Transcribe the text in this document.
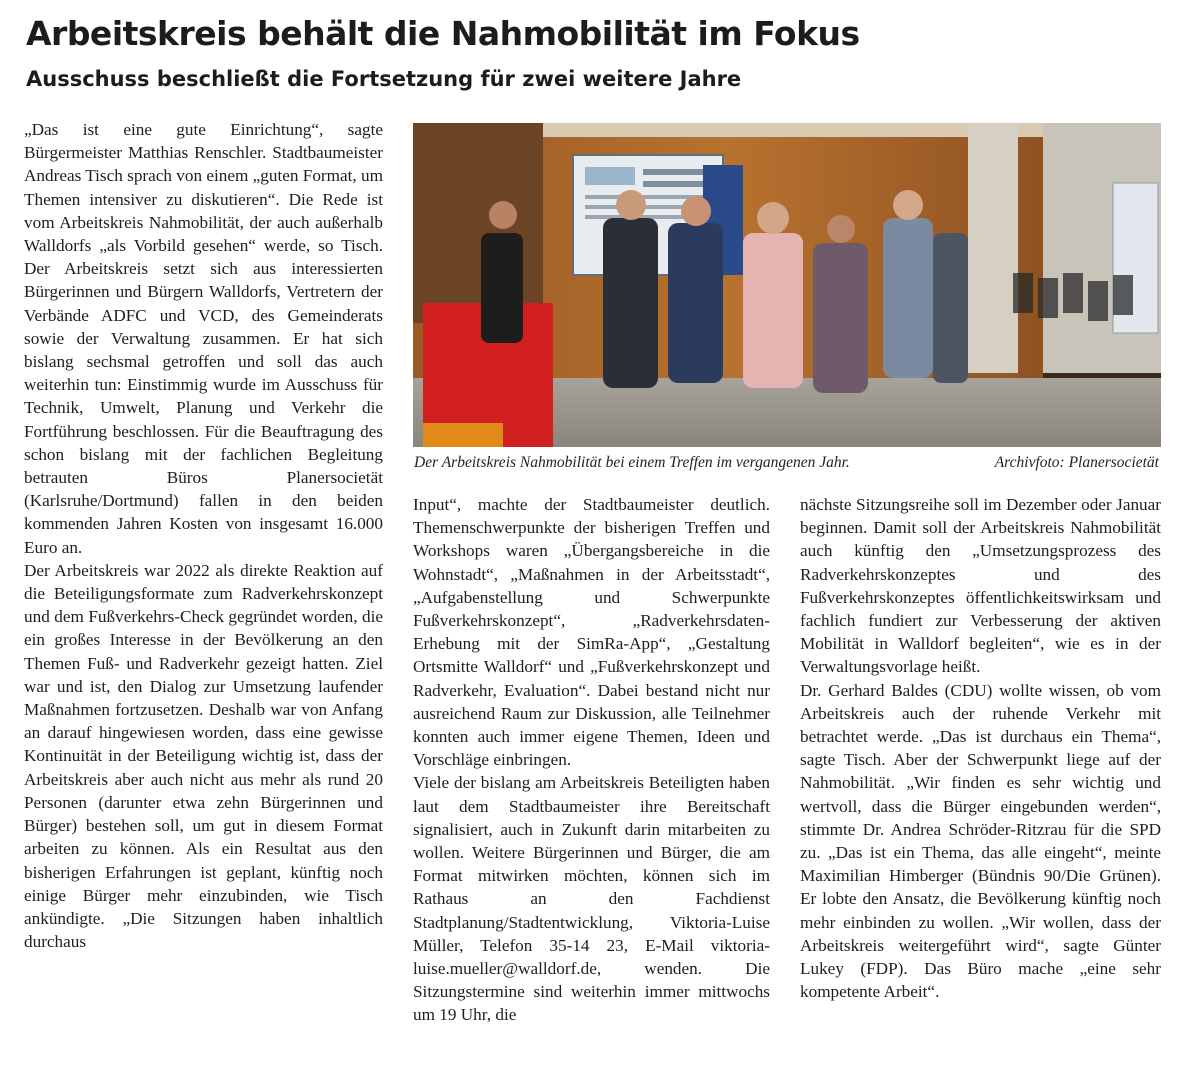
Arbeitskreis behält die Nahmobilität im Fokus
Ausschuss beschließt die Fortsetzung für zwei weitere Jahre

„Das ist eine gute Einrichtung“, sagte Bürgermeister Matthias Renschler. Stadtbaumeister Andreas Tisch sprach von einem „guten Format, um Themen intensiver zu diskutieren“. Die Rede ist vom Arbeitskreis Nahmobilität, der auch außerhalb Walldorfs „als Vorbild gesehen“ werde, so Tisch. Der Arbeitskreis setzt sich aus interessierten Bürgerinnen und Bürgern Walldorfs, Vertretern der Verbände ADFC und VCD, des Gemeinderats sowie der Verwaltung zusammen. Er hat sich bislang sechsmal getroffen und soll das auch weiterhin tun: Einstimmig wurde im Ausschuss für Technik, Umwelt, Planung und Verkehr die Fortführung beschlossen. Für die Beauftragung des schon bislang mit der fachlichen Begleitung betrauten Büros Planersocietät (Karlsruhe/Dortmund) fallen in den beiden kommenden Jahren Kosten von insgesamt 16.000 Euro an.

Der Arbeitskreis war 2022 als direkte Reaktion auf die Beteiligungsformate zum Radverkehrskonzept und dem Fußverkehrs-Check gegründet worden, die ein großes Interesse in der Bevölkerung an den Themen Fuß- und Radverkehr gezeigt hatten. Ziel war und ist, den Dialog zur Umsetzung laufender Maßnahmen fortzusetzen. Deshalb war von Anfang an darauf hingewiesen worden, dass eine gewisse Kontinuität in der Beteiligung wichtig ist, dass der Arbeitskreis aber auch nicht aus mehr als rund 20 Personen (darunter etwa zehn Bürgerinnen und Bürger) bestehen soll, um gut in diesem Format arbeiten zu können. Als ein Resultat aus den bisherigen Erfahrungen ist geplant, künftig noch einige Bürger mehr einzubinden, wie Tisch ankündigte. „Die Sitzungen haben inhaltlich durchaus

Der Arbeitskreis Nahmobilität bei einem Treffen im vergangenen Jahr.	Archivfoto: Planersocietät

Input“, machte der Stadtbaumeister deutlich. Themenschwerpunkte der bisherigen Treffen und Workshops waren „Übergangsbereiche in die Wohnstadt“, „Maßnahmen in der Arbeitsstadt“, „Aufgabenstellung und Schwerpunkte Fußverkehrskonzept“, „Radverkehrsdaten-Erhebung mit der SimRa-App“, „Gestaltung Ortsmitte Walldorf“ und „Fußverkehrskonzept und Radverkehr, Evaluation“. Dabei bestand nicht nur ausreichend Raum zur Diskussion, alle Teilnehmer konnten auch immer eigene Themen, Ideen und Vorschläge einbringen.

Viele der bislang am Arbeitskreis Beteiligten haben laut dem Stadtbaumeister ihre Bereitschaft signalisiert, auch in Zukunft darin mitarbeiten zu wollen. Weitere Bürgerinnen und Bürger, die am Format mitwirken möchten, können sich im Rathaus an den Fachdienst Stadtplanung/Stadtentwicklung, Viktoria-Luise Müller, Telefon 35-14 23, E-Mail viktoria-luise.mueller@walldorf.de, wenden. Die Sitzungstermine sind weiterhin immer mittwochs um 19 Uhr, die

nächste Sitzungsreihe soll im Dezember oder Januar beginnen. Damit soll der Arbeitskreis Nahmobilität auch künftig den „Umsetzungsprozess des Radverkehrskonzeptes und des Fußverkehrskonzeptes öffentlichkeitswirksam und fachlich fundiert zur Verbesserung der aktiven Mobilität in Walldorf begleiten“, wie es in der Verwaltungsvorlage heißt.

Dr. Gerhard Baldes (CDU) wollte wissen, ob vom Arbeitskreis auch der ruhende Verkehr mit betrachtet werde. „Das ist durchaus ein Thema“, sagte Tisch. Aber der Schwerpunkt liege auf der Nahmobilität. „Wir finden es sehr wichtig und wertvoll, dass die Bürger eingebunden werden“, stimmte Dr. Andrea Schröder-Ritzrau für die SPD zu. „Das ist ein Thema, das alle eingeht“, meinte Maximilian Himberger (Bündnis 90/Die Grünen). Er lobte den Ansatz, die Bevölkerung künftig noch mehr einbinden zu wollen. „Wir wollen, dass der Arbeitskreis weitergeführt wird“, sagte Günter Lukey (FDP). Das Büro mache „eine sehr kompetente Arbeit“.
